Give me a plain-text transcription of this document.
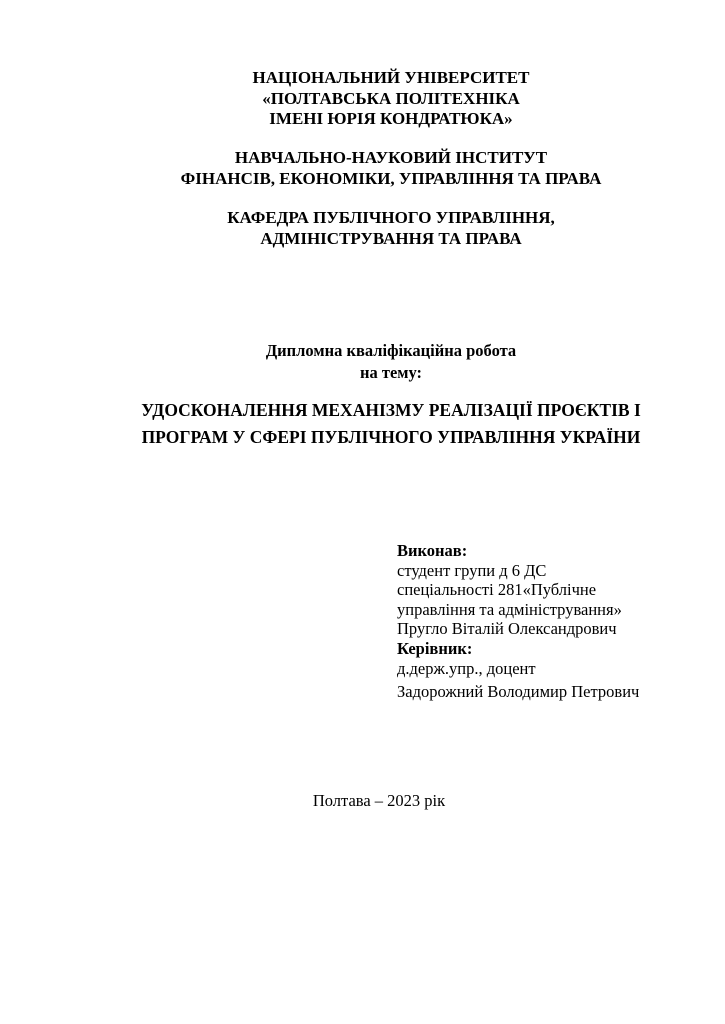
НАЦІОНАЛЬНИЙ УНІВЕРСИТЕТ
«ПОЛТАВСЬКА ПОЛІТЕХНІКА
ІМЕНІ ЮРІЯ КОНДРАТЮКА»
НАВЧАЛЬНО-НАУКОВИЙ ІНСТИТУТ
ФІНАНСІВ, ЕКОНОМІКИ, УПРАВЛІННЯ ТА ПРАВА
КАФЕДРА ПУБЛІЧНОГО УПРАВЛІННЯ,
АДМІНІСТРУВАННЯ ТА ПРАВА
Дипломна кваліфікаційна робота
на тему:
УДОСКОНАЛЕННЯ МЕХАНІЗМУ РЕАЛІЗАЦІЇ ПРОЄКТІВ І
ПРОГРАМ У СФЕРІ ПУБЛІЧНОГО УПРАВЛІННЯ УКРАЇНИ
Виконав:
студент групи д 6 ДС
спеціальності 281«Публічне
управління та адміністрування»
Пругло Віталій Олександрович
Керівник:
д.держ.упр., доцент
Задорожний Володимир Петрович
Полтава – 2023 рік
